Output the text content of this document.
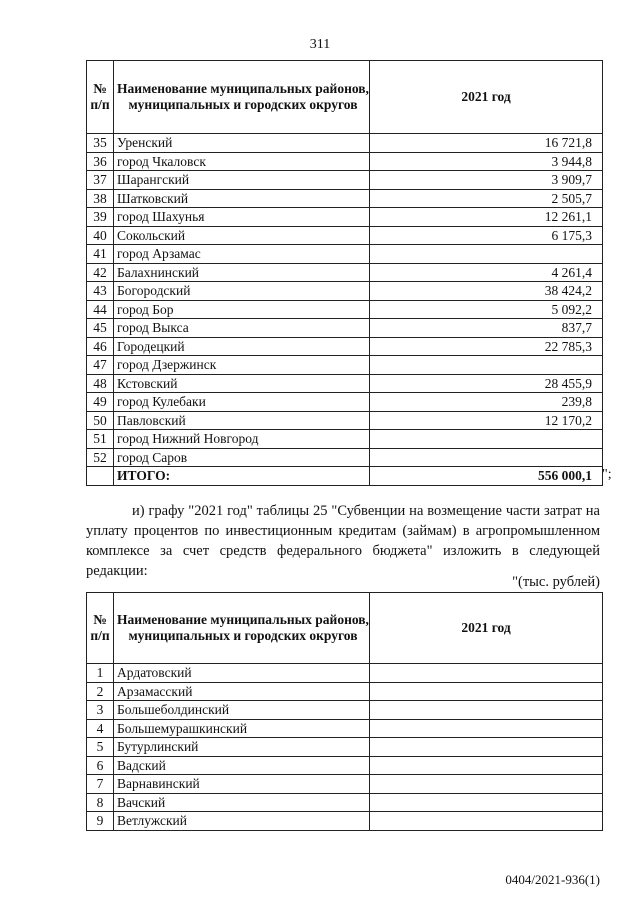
311
№ п/п	Наименование муниципальных районов, муниципальных и городских округов	2021 год
35	Уренский	16 721,8
36	город Чкаловск	3 944,8
37	Шарангский	3 909,7
38	Шатковский	2 505,7
39	город Шахунья	12 261,1
40	Сокольский	6 175,3
41	город Арзамас	
42	Балахнинский	4 261,4
43	Богородский	38 424,2
44	город Бор	5 092,2
45	город Выкса	837,7
46	Городецкий	22 785,3
47	город Дзержинск	
48	Кстовский	28 455,9
49	город Кулебаки	239,8
50	Павловский	12 170,2
51	город Нижний Новгород	
52	город Саров	
	ИТОГО:	556 000,1 ";
и) графу "2021 год" таблицы 25 "Субвенции на возмещение части затрат на уплату процентов по инвестиционным кредитам (займам) в агропромышленном комплексе за счет средств федерального бюджета" изложить в следующей редакции:
"(тыс. рублей)
№ п/п	Наименование муниципальных районов, муниципальных и городских округов	2021 год
1	Ардатовский	
2	Арзамасский	
3	Большеболдинский	
4	Большемурашкинский	
5	Бутурлинский	
6	Вадский	
7	Варнавинский	
8	Вачский	
9	Ветлужский	
0404/2021-936(1)
